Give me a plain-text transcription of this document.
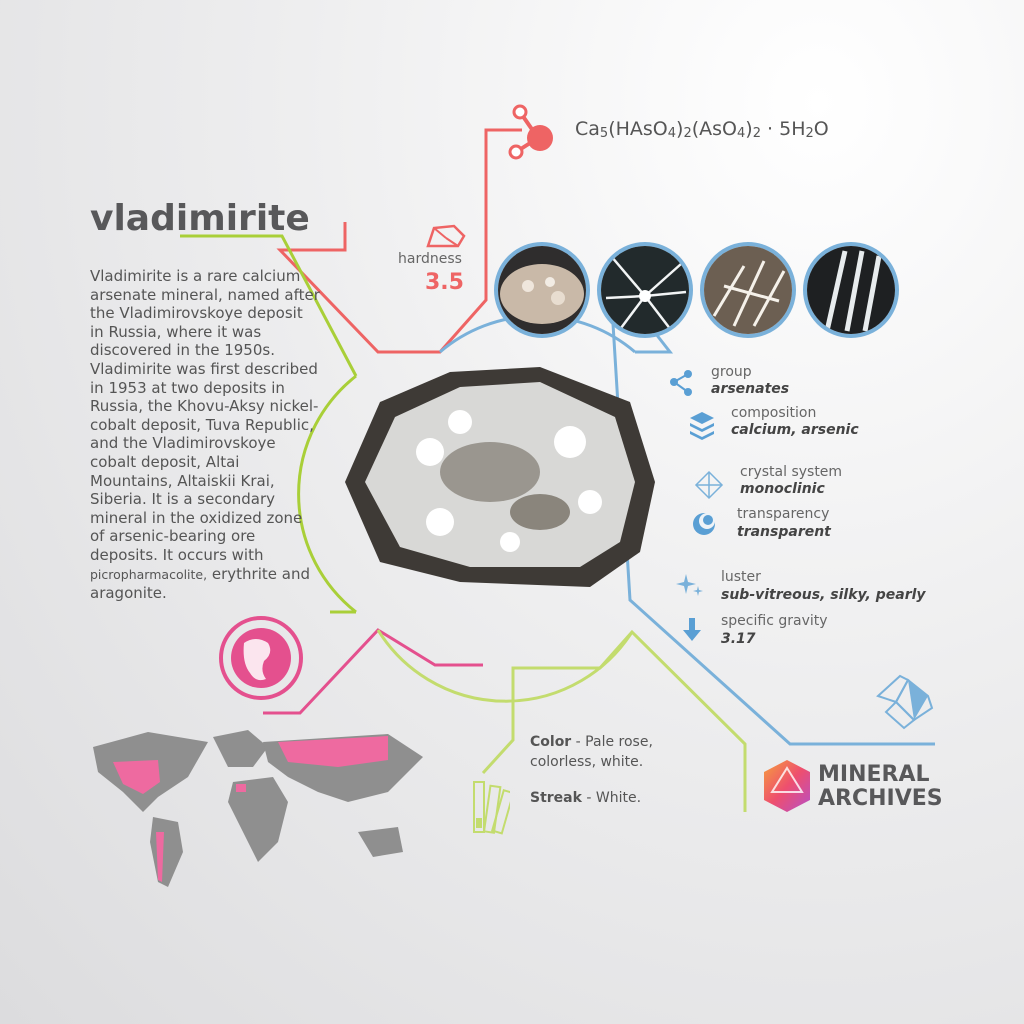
vladimirite
Vladimirite is a rare calcium arsenate mineral, named after the Vladimirovskoye deposit in Russia, where it was discovered in the 1950s. Vladimirite was first described in 1953 at two deposits in Russia, the Khovu-Aksy nickel-cobalt deposit, Tuva Republic, and the Vladimirovskoye cobalt deposit, Altai Mountains, Altaiskii Krai, Siberia. It is a secondary mineral in the oxidized zone of arsenic-bearing ore deposits. It occurs with picropharmacolite, erythrite and aragonite.
$Ca_5(HAsO_4)_2(AsO_4)_2 \cdot 5H_2O$
hardness
3.5
group
arsenates
composition
calcium, arsenic
crystal system
monoclinic
transparency
transparent
luster
sub-vitreous, silky, pearly
specific gravity
3.17
Color - Pale rose, colorless, white.
Streak - White.
MINERAL
ARCHIVES
